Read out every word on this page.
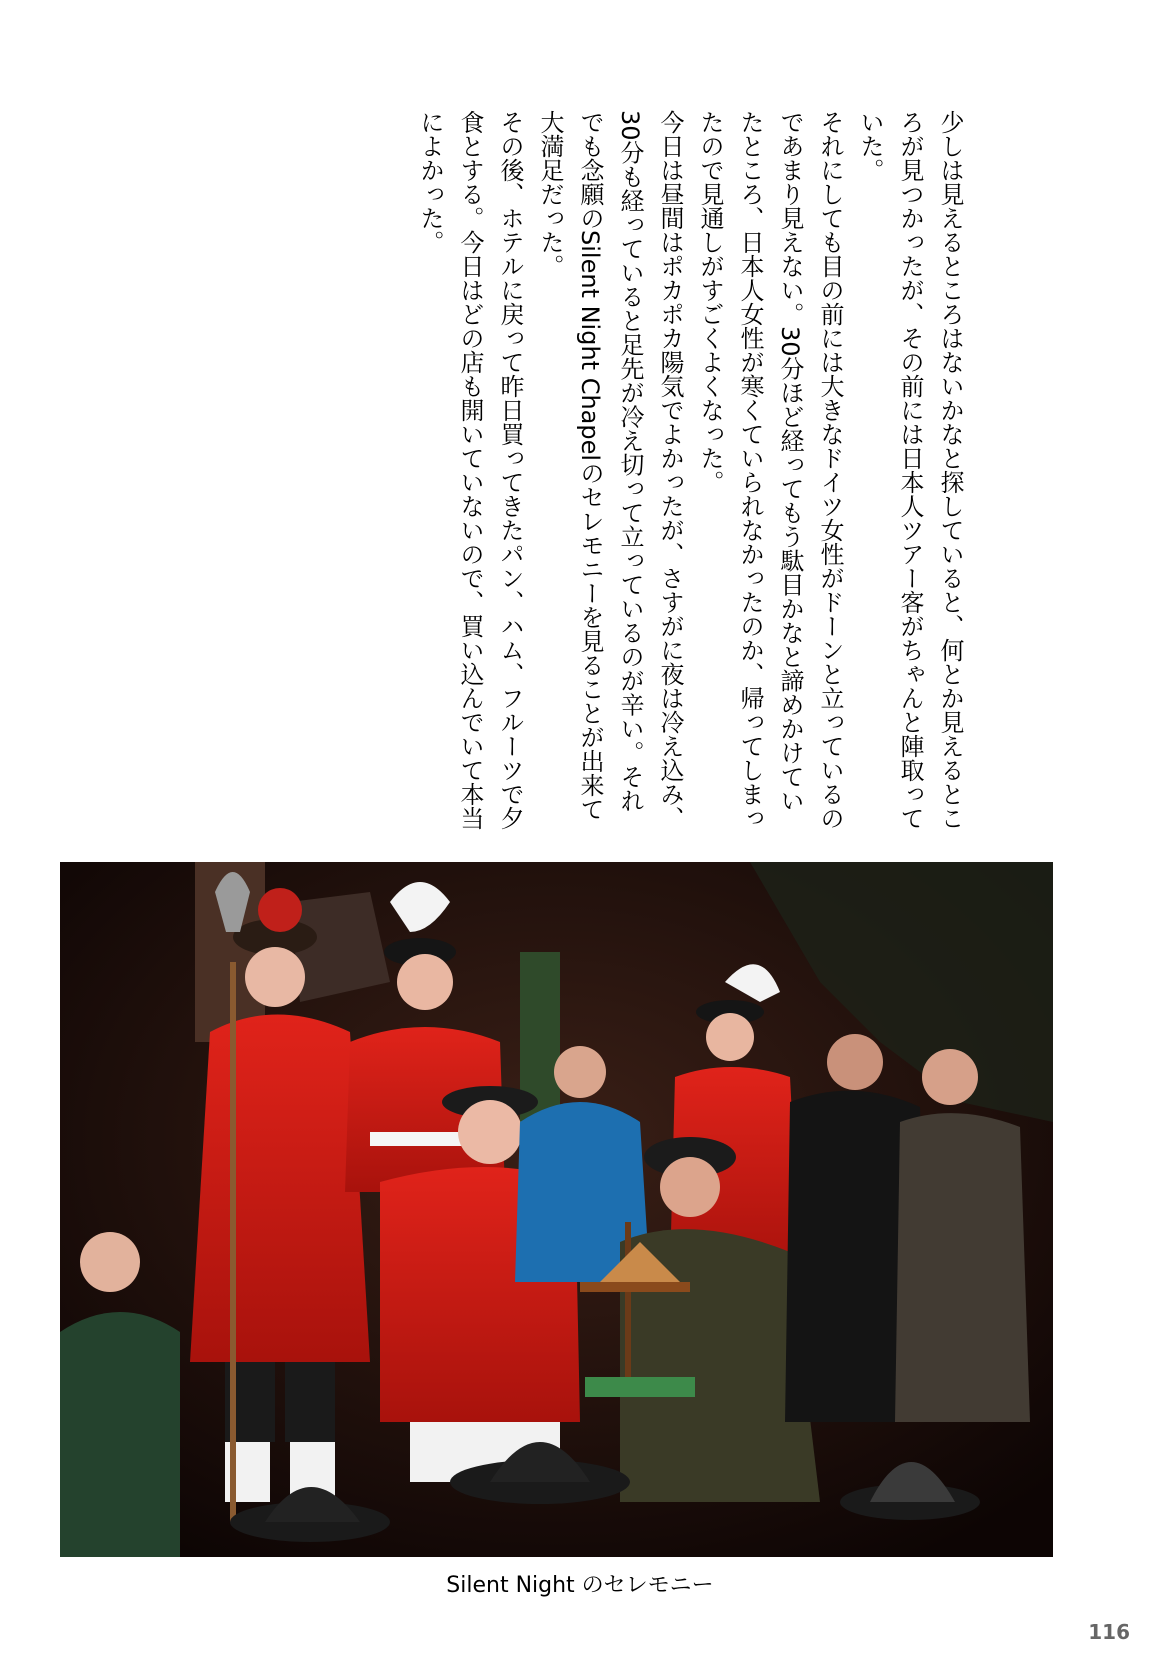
少しは見えるところはないかなと探していると、何とか見えるところが見つかったが、その前には日本人ツアー客がちゃんと陣取っていた。

それにしても目の前には大きなドイツ女性がドーンと立っているのであまり見えない。30分ほど経ってもう駄目かなと諦めかけていたところ、日本人女性が寒くていられなかったのか、帰ってしまったので見通しがすごくよくなった。

今日は昼間はポカポカ陽気でよかったが、さすがに夜は冷え込み、30分も経っていると足先が冷え切って立っているのが辛い。それでも念願のSilent Night Chapelのセレモニーを見ることが出来て大満足だった。

その後、ホテルに戻って昨日買ってきたパン、ハム、フルーツで夕食とする。今日はどの店も開いていないので、買い込んでいて本当によかった。

Silent Night のセレモニー
116
